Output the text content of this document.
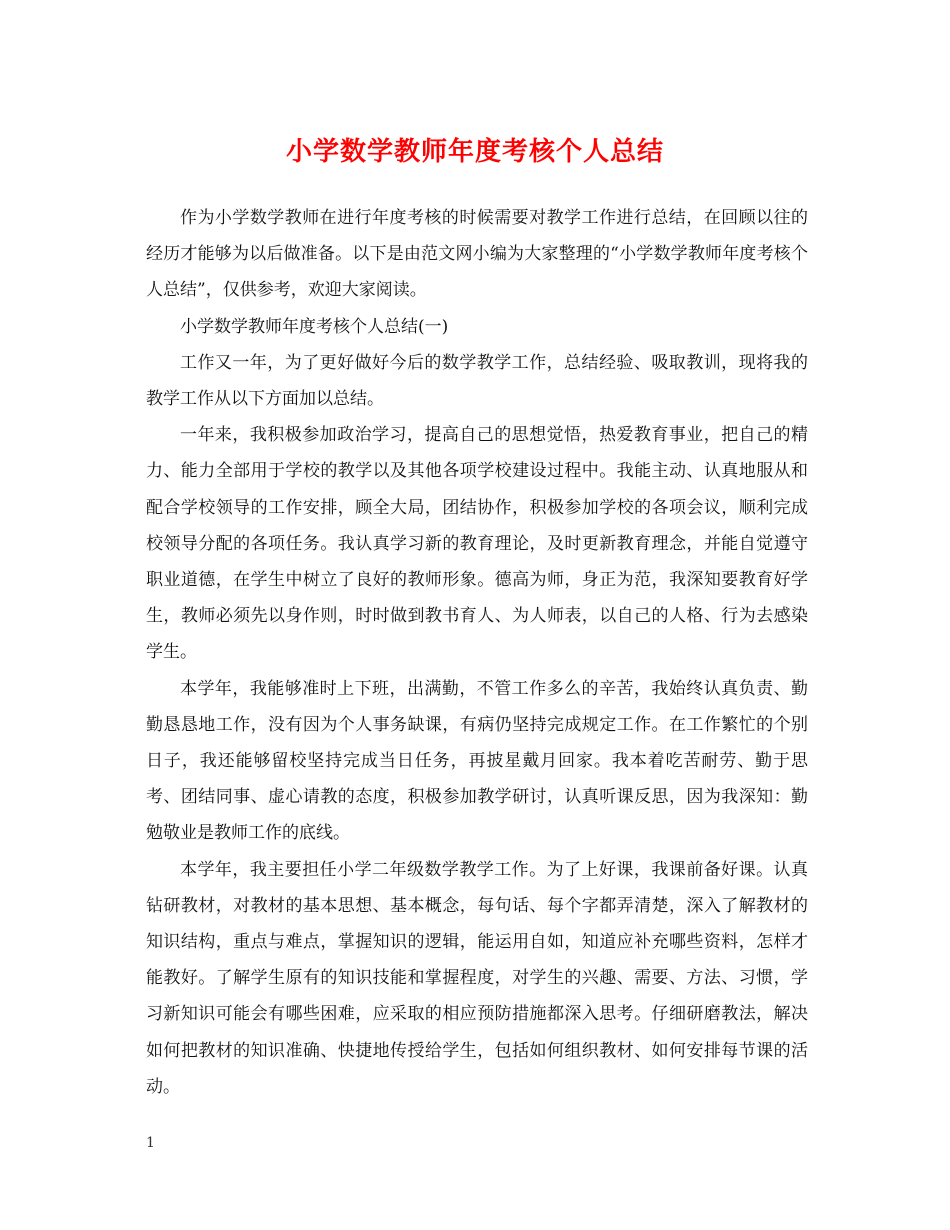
小学数学教师年度考核个人总结

作为小学数学教师在进行年度考核的时候需要对教学工作进行总结，在回顾以往的经历才能够为以后做准备。以下是由范文网小编为大家整理的“小学数学教师年度考核个人总结”，仅供参考，欢迎大家阅读。

小学数学教师年度考核个人总结(一)

工作又一年，为了更好做好今后的数学教学工作，总结经验、吸取教训，现将我的教学工作从以下方面加以总结。

一年来，我积极参加政治学习，提高自己的思想觉悟，热爱教育事业，把自己的精力、能力全部用于学校的教学以及其他各项学校建设过程中。我能主动、认真地服从和配合学校领导的工作安排，顾全大局，团结协作，积极参加学校的各项会议，顺利完成校领导分配的各项任务。我认真学习新的教育理论，及时更新教育理念，并能自觉遵守职业道德，在学生中树立了良好的教师形象。德高为师，身正为范，我深知要教育好学生，教师必须先以身作则，时时做到教书育人、为人师表，以自己的人格、行为去感染学生。

本学年，我能够准时上下班，出满勤，不管工作多么的辛苦，我始终认真负责、勤勤恳恳地工作，没有因为个人事务缺课，有病仍坚持完成规定工作。在工作繁忙的个别日子，我还能够留校坚持完成当日任务，再披星戴月回家。我本着吃苦耐劳、勤于思考、团结同事、虚心请教的态度，积极参加教学研讨，认真听课反思，因为我深知：勤勉敬业是教师工作的底线。

本学年，我主要担任小学二年级数学教学工作。为了上好课，我课前备好课。认真钻研教材，对教材的基本思想、基本概念，每句话、每个字都弄清楚，深入了解教材的知识结构，重点与难点，掌握知识的逻辑，能运用自如，知道应补充哪些资料，怎样才能教好。了解学生原有的知识技能和掌握程度，对学生的兴趣、需要、方法、习惯，学习新知识可能会有哪些困难，应采取的相应预防措施都深入思考。仔细研磨教法，解决如何把教材的知识准确、快捷地传授给学生，包括如何组织教材、如何安排每节课的活动。

1
